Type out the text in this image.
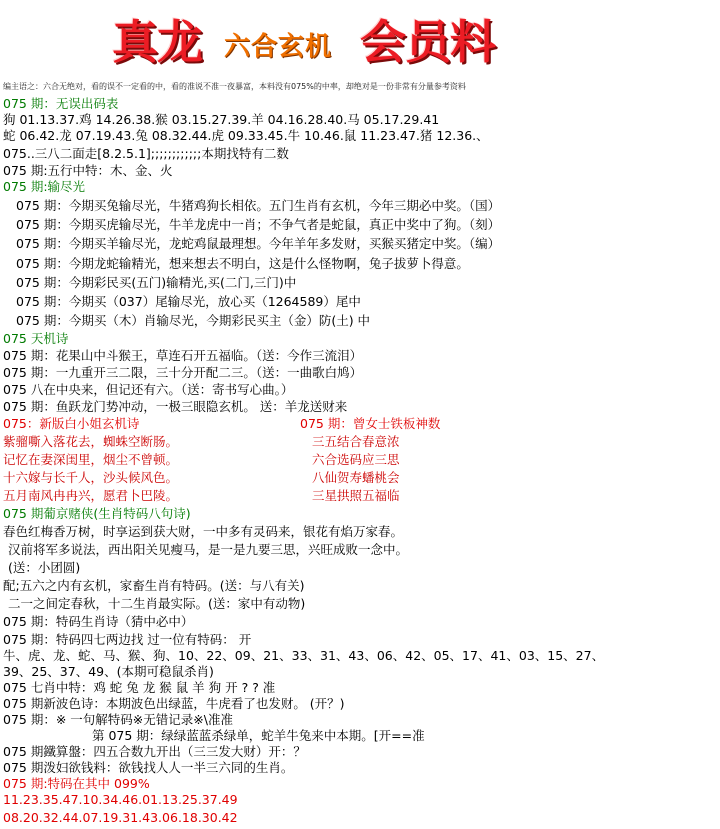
真龙 六合玄机 会员料
编主语之：六合无绝对，看的误不一定看的中，看的准说不准一夜暴富，本料没有075%的中率，却绝对是一份非常有分量参考资料
075 期：无误出码表
狗 01.13.37.鸡 14.26.38.猴 03.15.27.39.羊 04.16.28.40.马 05.17.29.41
蛇 06.42.龙 07.19.43.兔 08.32.44.虎 09.33.45.牛 10.46.鼠 11.23.47.猪 12.36.、
075..三八二面走[8.2.5.1];;;;;;;;;;;;本期找特有二数
075 期:五行中特：木、金、火
075 期:输尽光
075 期：今期买兔输尽光，牛猪鸡狗长相依。五门生肖有玄机，今年三期必中奖。（国）
075 期：今期买虎输尽光，牛羊龙虎中一肖；不争气者是蛇鼠，真正中奖中了狗。（刻）
075 期：今期买羊输尽光，龙蛇鸡鼠最理想。今年羊年多发财，买猴买猪定中奖。（编）
075 期：今期龙蛇输精光，想来想去不明白，这是什么怪物啊，兔子拔萝卜得意。
075 期：今期彩民买(五门)输精光,买(二门,三门)中
075 期：今期买（037）尾输尽光，放心买（1264589）尾中
075 期：今期买（木）肖输尽光，今期彩民买主（金）防(土) 中
075 天机诗
075 期：花果山中斗猴王，草连石开五福临。（送：今作三流泪）
075 期：一九重开三二限，三十分开配二三。（送：一曲歌白鸠）
075 八在中央来，但记还有六。（送：寄书写心曲。）
075 期：鱼跃龙门势冲动，一极三眼隐玄机。 送：羊龙送财来
075：新版白小姐玄机诗	075 期：曾女士铁板神数
紫骝嘶入落花去，蜘蛛空断肠。	三五结合春意浓
记忆在妻深闺里，烟尘不曾顿。	六合选码应三思
十六嫁与长千人，沙头候风色。	八仙贺寿蟠桃会
五月南风冉冉兴，愿君卜巴陵。	三星拱照五福临
075 期葡京赌侠(生肖特码八句诗)
春色红梅香万树，时享运到获大财，一中多有灵码来，银花有焰万家春。
汉前将军多说法，西出阳关见瘦马，是一是九要三思，兴旺成败一念中。
(送：小团圆)
配;五六之内有玄机，家畜生肖有特码。(送：与八有关)
二一之间定春秋，十二生肖最实际。(送：家中有动物)
075 期：特码生肖诗（猜中必中）
075 期：特码四七两边找 过一位有特码： 开
牛、虎、龙、蛇、马、猴、狗、10、22、09、21、33、31、43、06、42、05、17、41、03、15、27、
39、25、37、49、(本期可稳鼠杀肖)
075 七肖中特：鸡 蛇 兔 龙 猴 鼠 羊 狗 开 ? ? 准
075 期新波色诗：本期波色出绿蓝，牛虎看了也发财。 (开？)
075 期：※ 一句解特码※无错记录※\准准
第 075 期：绿绿蓝蓝杀绿单，蛇羊牛兔来中本期。[开==准
075 期鐵算盤：四五合数九开出（三三发大财）开：？
075 期泼妇欲钱料：欲钱找人人一半三六同的生肖。
075 期:特码在其中 099%
11.23.35.47.10.34.46.01.13.25.37.49
08.20.32.44.07.19.31.43.06.18.30.42
